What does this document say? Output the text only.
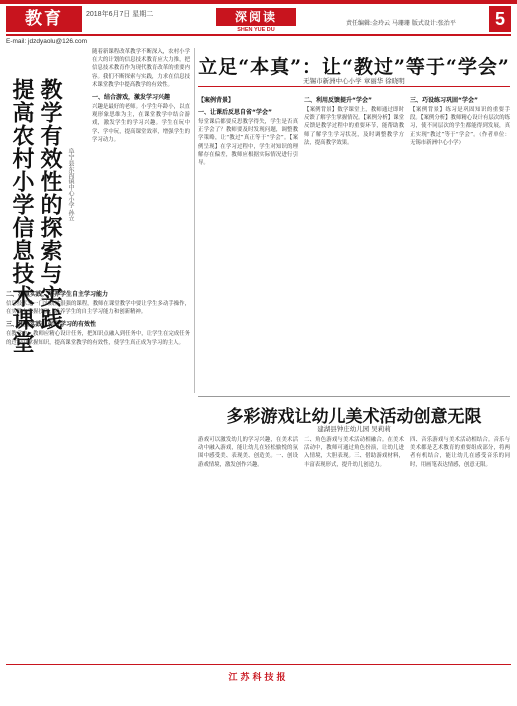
教育	2018年6月7日 星期二	深阅读
SHEN YUE DU
责任编辑:金玲云 马珊珊 版式设计:张治平	5
E-mail: jdzdyaolu@126.com
提高农村小学信息技术课堂 教学有效性的探索与实践 阜宁县东沟镇中心小学 孙立
随着新课程改革教学不断深入，农村小学在大的计划的信息技术教育应大力推，把信息技术教育作为现代教育改革的重要内容。我们不断探索与实践，力求在信息技术课堂教学中提高教学的有效性。
一、结合游戏，激发学习兴趣
兴趣是最好的老师。小学生年龄小，以直观形象思维为主，在课堂教学中结合游戏，激发学生的学习兴趣。学生在玩中学、学中玩，提高课堂效率，增强学生的学习动力。
二、注重实践，培养学生自主学习能力
信息技术是一门实践性很强的课程，教师在课堂教学中要让学生多动手操作，在实践中掌握技能，培养学生的自主学习能力和创新精神。
三、注重实践，促进学习的有效性
在教学中，教师应精心设计任务，把知识点融入到任务中，让学生在完成任务的过程中掌握知识，提高课堂教学的有效性，使学生真正成为学习的主人。
立足“本真”：让“教过”等于“学会”
无锡市新洲中心小学 章丽华 徐晓明
【案例背景】
一、让课后反思自省“学会”
每堂课后都要反思教学得失，学生是否真正学会了？教师要及时发现问题，调整教学策略，让“教过”真正等于“学会”。【案例呈现】在学习过程中，学生对知识的理解存在偏差，教师应根据实际情况进行引导。
二、利用反馈提升“学会”
【案例背景】数学课堂上，教师通过即时反馈了解学生掌握情况。【案例分析】课堂反馈是教学过程中的重要环节，能帮助教师了解学生学习状况，及时调整教学方法，提高教学效果。
三、巧设练习巩固“学会”
【案例背景】练习是巩固知识的重要手段。【案例分析】教师精心设计有层次的练习，使不同层次的学生都能得到发展，真正实现“教过”等于“学会”。（作者单位：无锡市新洲中心小学）
多彩游戏让幼儿美术活动创意无限
建湖县钟庄幼儿园 吴莉莉
游戏可以激发幼儿的学习兴趣，在美术活动中融入游戏，能让幼儿在轻松愉悦的氛围中感受美、表现美、创造美。一、创设游戏情境，激发创作兴趣。
二、角色游戏与美术活动相融合。在美术活动中，教师可通过角色扮演，让幼儿进入情境，大胆表现。三、借助游戏材料，丰富表现形式，提升幼儿创造力。
四、音乐游戏与美术活动相结合。音乐与美术都是艺术教育的重要组成部分，将两者有机结合，能让幼儿在感受音乐的同时，用画笔表达情感，创意无限。
江苏科技报
